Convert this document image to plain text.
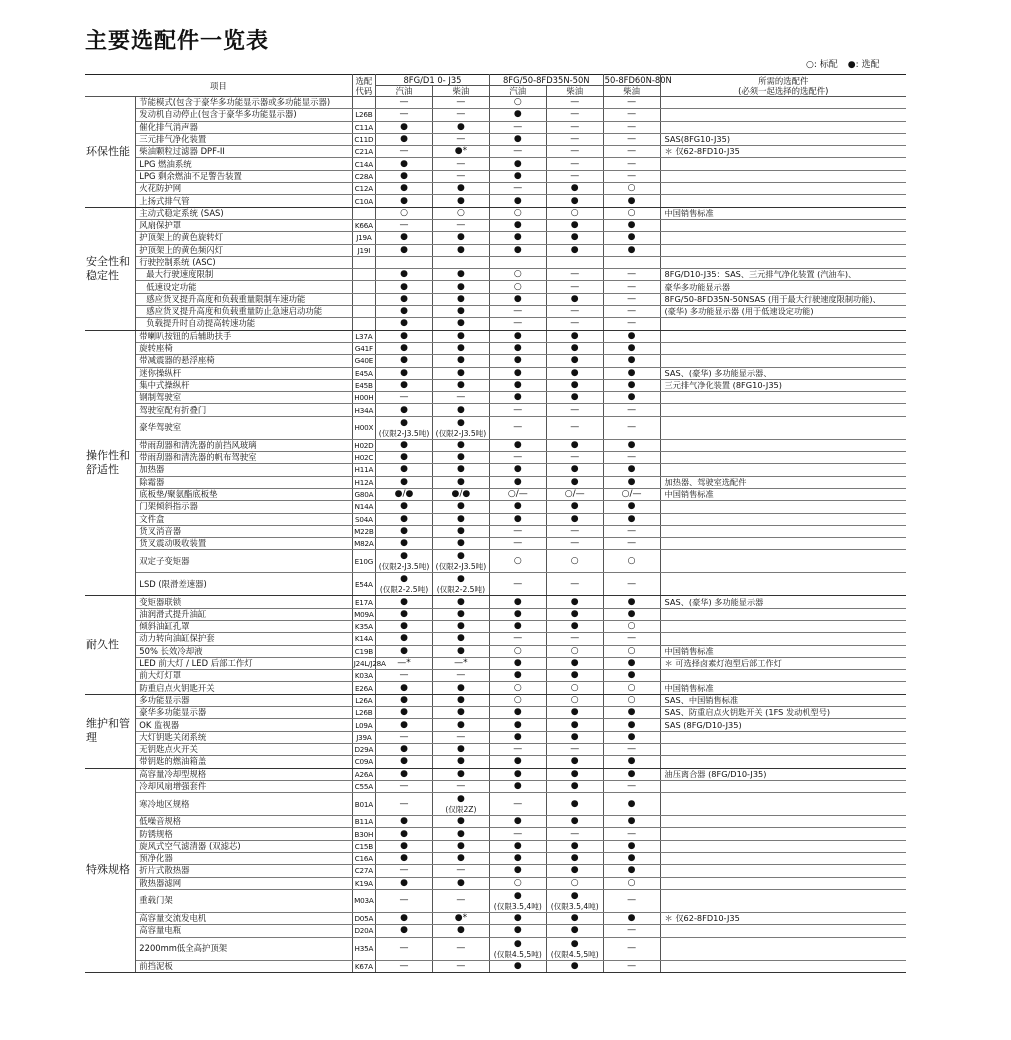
主要选配件一览表
○: 标配 ●: 选配
项目		选配
代码	8FG/D1 0- J35		8FG/50-8FD35N-50N		50-8FD60N-80N	所需的选配件
(必须一起选择的选配件)
			汽油	柴油	汽油	柴油	柴油	
环保性能	节能模式(包含于豪华多功能显示器或多功能显示器)		—	—	○	—	—	
	发动机自动停止(包含于豪华多功能显示器)	L26B	—	—	●	—	—	
	催化排气消声器	C11A	●	●	—	—	—	
	三元排气净化装置	C11D	●	—	●	—	—	SAS(8FG10-J35)
	柴油颗粒过滤器 DPF-II	C21A	—	●*	—	—	—	＊ 仅62-8FD10-J35
	LPG 燃油系统	C14A	●	—	●	—	—	
	LPG 剩余燃油不足警告装置	C28A	●	—	●	—	—	
	火花防护网	C12A	●	●	—	●	○	
	上扬式排气管	C10A	●	●	●	●	●	
安全性和稳定性	主动式稳定系统 (SAS)		○	○	○	○	○	中国销售标准
	风扇保护罩	K66A	—	—	●	●	●	
	护顶架上的黄色旋转灯	J19A	●	●	●	●	●	
	护顶架上的黄色频闪灯	J19I	●	●	●	●	●	
	行驶控制系统 (ASC)							
	最大行驶速度限制		●	●	○	—	—	8FG/D10-J35：SAS、三元排气净化装置 (汽油车)、
	低速设定功能		●	●	○	—	—	豪华多功能显示器
	感应货叉提升高度和负载重量限制车速功能		●	●	●	●	—	8FG/50-8FD35N-50NSAS (用于最大行驶速度限制功能)、
	感应货叉提升高度和负载重量防止急速启动功能		●	●	—	—	—	(豪华) 多功能显示器 (用于低速设定功能)
	负载提升时自动提高转速功能		●	●	—	—	—	
操作性和舒适性	带喇叭按钮的后辅助扶手	L37A	●	●	●	●	●	
	旋转座椅	G41F	●	●	●	●	●	
	带减震器的悬浮座椅	G40E	●	●	●	●	●	
	迷你操纵杆	E45A	●	●	●	●	●	SAS、(豪华) 多功能显示器、
	集中式操纵杆	E45B	●	●	●	●	●	三元排气净化装置 (8FG10-J35)
	钢制驾驶室	H00H	—	—	●	●	●	
	驾驶室配有折叠门	H34A	●	●	—	—	—	
	豪华驾驶室	H00X	●
(仅限2-J3.5吨)	●
(仅限2-J3.5吨)	—	—	—	
	带雨刮器和清洗器的前挡风玻璃	H02D	●	●	●	●	●	
	带雨刮器和清洗器的帆布驾驶室	H02C	●	●	—	—	—	
	加热器	H11A	●	●	●	●	●	
	除霜器	H12A	●	●	●	●	●	加热器、驾驶室选配件
	底板垫/聚氨酯底板垫	G80A	●/●	●/●	○/—	○/—	○/—	中国销售标准
	门架倾斜指示器	N14A	●	●	●	●	●	
	文件盒	S04A	●	●	●	●	●	
	货叉消音器	M22B	●	●	—	—	—	
	货叉震动吸收装置	M82A	●	●	—	—	—	
	双定子变矩器	E10G	●
(仅限2-J3.5吨)	●
(仅限2-J3.5吨)	○	○	○	
	LSD (限滑差速器)	E54A	●
(仅限2-2.5吨)	●
(仅限2-2.5吨)	—	—	—	
耐久性	变矩器联锁	E17A	●	●	●	●	●	SAS、(豪华) 多功能显示器
	油润滑式提升油缸	M09A	●	●	●	●	●	
	倾斜油缸孔罩	K35A	●	●	●	●	○	
	动力转向油缸保护套	K14A	●	●	—	—	—	
	50% 长效冷却液	C19B	●	●	○	○	○	中国销售标准
	LED 前大灯 / LED 后部工作灯	J24L/J28A	—*	—*	●	●	●	＊ 可选择卤素灯泡型后部工作灯
	前大灯灯罩	K03A	—	—	●	●	●	
	防重启点火钥匙开关	E26A	●	●	○	○	○	中国销售标准
维护和管理	多功能显示器	L26A	●	●	○	○	○	SAS、中国销售标准
	豪华多功能显示器	L26B	●	●	●	●	●	SAS、防重启点火钥匙开关 (1FS 发动机型号)
	OK 监视器	L09A	●	●	●	●	●	SAS (8FG/D10-J35)
	大灯钥匙关闭系统	J39A	—	—	●	●	●	
	无钥匙点火开关	D29A	●	●	—	—	—	
	带钥匙的燃油箱盖	C09A	●	●	●	●	●	
特殊规格	高容量冷却型规格	A26A	●	●	●	●	●	油压离合器 (8FG/D10-J35)
	冷却风扇增强套件	C55A	—	—	●	●	—	
	寒冷地区规格	B01A	—	●
(仅限2Z)	—	●	●	
	低噪音规格	B11A	●	●	●	●	●	
	防锈规格	B30H	●	●	—	—	—	
	旋风式空气滤清器 (双滤芯)	C15B	●	●	●	●	●	
	预净化器	C16A	●	●	●	●	●	
	折片式散热器	C27A	—	—	●	●	●	
	散热器滤网	K19A	●	●	○	○	○	
	重载门架	M03A	—	—	●
(仅限3.5,4吨)	●
(仅限3.5,4吨)	—	
	高容量交流发电机	D05A	●	●*	●	●	●	＊ 仅62-8FD10-J35
	高容量电瓶	D20A	●	●	●	●	—	
	2200mm低全高护顶架	H35A	—	—	●
(仅限4.5,5吨)	●
(仅限4.5,5吨)	—	
	前挡泥板	K67A	—	—	●	●	—	
